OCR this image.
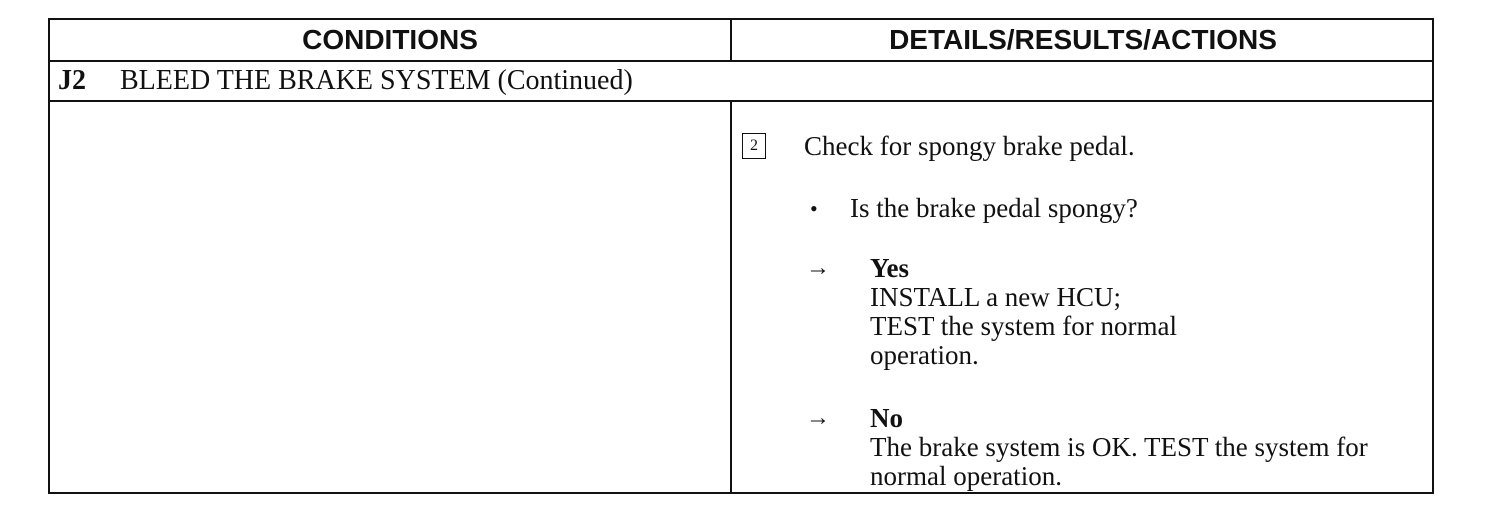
CONDITIONS	DETAILS/RESULTS/ACTIONS
J2	BLEED THE BRAKE SYSTEM (Continued)
2 Check for spongy brake pedal.
• Is the brake pedal spongy?
→ Yes
INSTALL a new HCU;
TEST the system for normal
operation.
→ No
The brake system is OK. TEST the system for
normal operation.
